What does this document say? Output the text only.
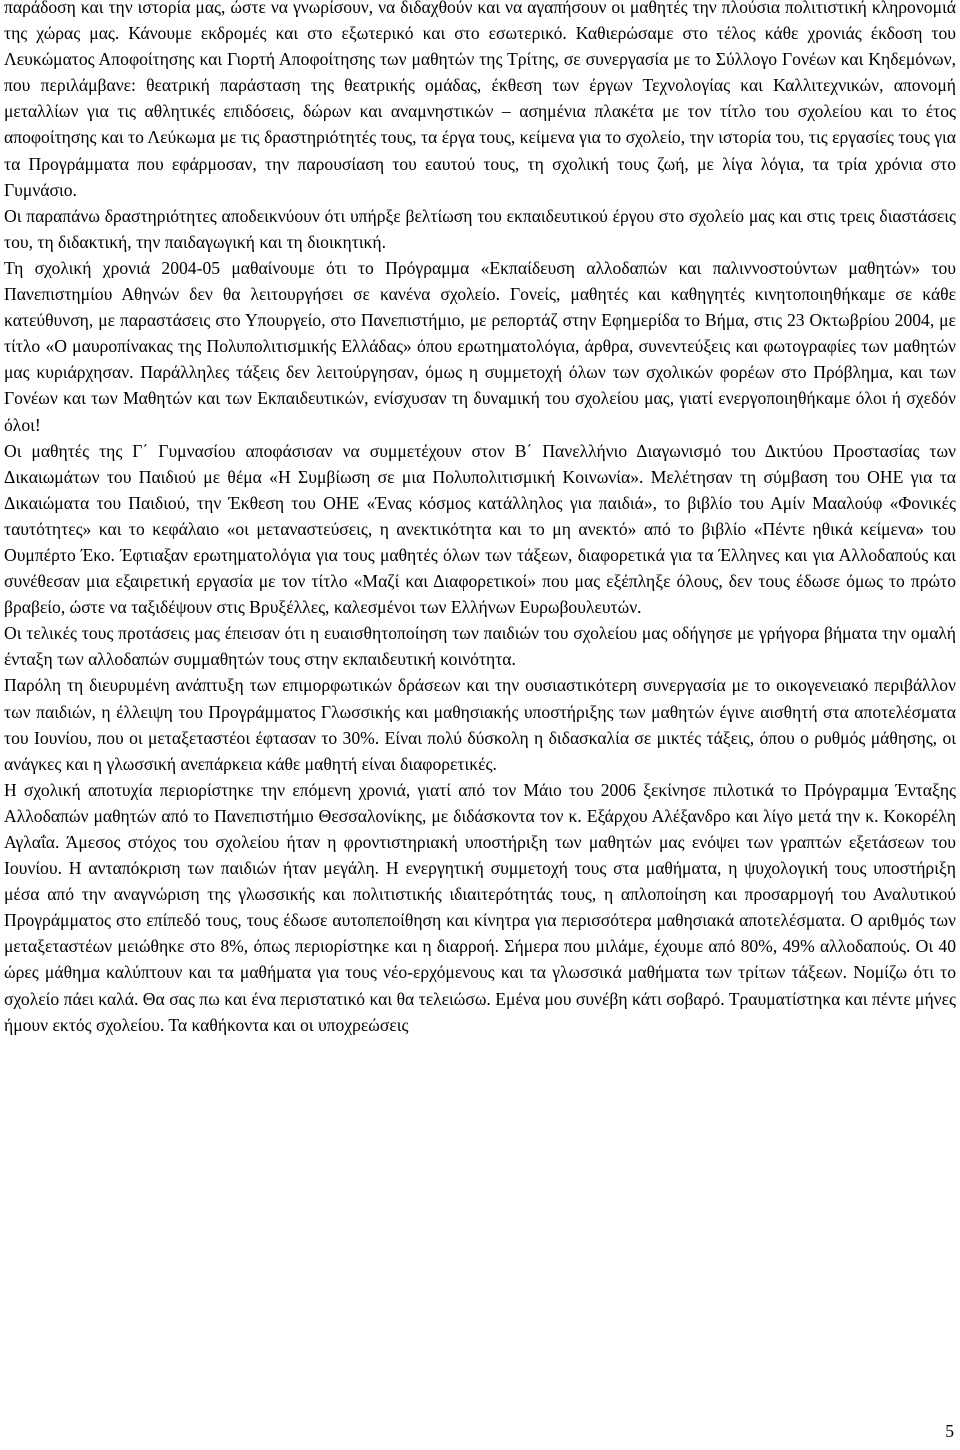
παράδοση και την ιστορία μας, ώστε να γνωρίσουν, να διδαχθούν και να αγαπήσουν οι μαθητές την πλούσια πολιτιστική κληρονομιά της χώρας μας. Κάνουμε εκδρομές και στο εξωτερικό και στο εσωτερικό. Καθιερώσαμε στο τέλος κάθε χρονιάς έκδοση του Λευκώματος Αποφοίτησης και Γιορτή Αποφοίτησης των μαθητών της Τρίτης, σε συνεργασία με το Σύλλογο Γονέων και Κηδεμόνων, που περιλάμβανε: θεατρική παράσταση της θεατρικής ομάδας, έκθεση των έργων Τεχνολογίας και Καλλιτεχνικών, απονομή μεταλλίων για τις αθλητικές επιδόσεις, δώρων και αναμνηστικών – ασημένια πλακέτα με τον τίτλο του σχολείου και το έτος αποφοίτησης και το Λεύκωμα με τις δραστηριότητές τους, τα έργα τους, κείμενα για το σχολείο, την ιστορία του, τις εργασίες τους για τα Προγράμματα που εφάρμοσαν, την παρουσίαση του εαυτού τους, τη σχολική τους ζωή, με λίγα λόγια, τα τρία χρόνια στο Γυμνάσιο.

Οι παραπάνω δραστηριότητες αποδεικνύουν ότι υπήρξε βελτίωση του εκπαιδευτικού έργου στο σχολείο μας και στις τρεις διαστάσεις του, τη διδακτική, την παιδαγωγική και τη διοικητική.

Τη σχολική χρονιά 2004-05 μαθαίνουμε ότι το Πρόγραμμα «Εκπαίδευση αλλοδαπών και παλιννοστούντων μαθητών» του Πανεπιστημίου Αθηνών δεν θα λειτουργήσει σε κανένα σχολείο. Γονείς, μαθητές και καθηγητές κινητοποιηθήκαμε σε κάθε κατεύθυνση, με παραστάσεις στο Υπουργείο, στο Πανεπιστήμιο, με ρεπορτάζ στην Εφημερίδα το Βήμα, στις 23 Οκτωβρίου 2004, με τίτλο «Ο μαυροπίνακας της Πολυπολιτισμικής Ελλάδας» όπου ερωτηματολόγια, άρθρα, συνεντεύξεις και φωτογραφίες των μαθητών μας κυριάρχησαν. Παράλληλες τάξεις δεν λειτούργησαν, όμως η συμμετοχή όλων των σχολικών φορέων στο Πρόβλημα, και των Γονέων και των Μαθητών και των Εκπαιδευτικών, ενίσχυσαν τη δυναμική του σχολείου μας, γιατί ενεργοποιηθήκαμε όλοι ή σχεδόν όλοι!

Οι μαθητές της Γ΄ Γυμνασίου αποφάσισαν να συμμετέχουν στον Β΄ Πανελλήνιο Διαγωνισμό του Δικτύου Προστασίας των Δικαιωμάτων του Παιδιού με θέμα «Η Συμβίωση σε μια Πολυπολιτισμική Κοινωνία». Μελέτησαν τη σύμβαση του ΟΗΕ για τα Δικαιώματα του Παιδιού, την Έκθεση του ΟΗΕ «Ένας κόσμος κατάλληλος για παιδιά», το βιβλίο του Αμίν Μααλούφ «Φονικές ταυτότητες» και το κεφάλαιο «οι μεταναστεύσεις, η ανεκτικότητα και το μη ανεκτό» από το βιβλίο «Πέντε ηθικά κείμενα» του Ουμπέρτο Έκο. Έφτιαξαν ερωτηματολόγια για τους μαθητές όλων των τάξεων, διαφορετικά για τα Έλληνες και για Αλλοδαπούς και συνέθεσαν μια εξαιρετική εργασία με τον τίτλο «Μαζί και Διαφορετικοί» που μας εξέπληξε όλους, δεν τους έδωσε όμως το πρώτο βραβείο, ώστε να ταξιδέψουν στις Βρυξέλλες, καλεσμένοι των Ελλήνων Ευρωβουλευτών.

Οι τελικές τους προτάσεις μας έπεισαν ότι η ευαισθητοποίηση των παιδιών του σχολείου μας οδήγησε με γρήγορα βήματα την ομαλή ένταξη των αλλοδαπών συμμαθητών τους στην εκπαιδευτική κοινότητα.

Παρόλη τη διευρυμένη ανάπτυξη των επιμορφωτικών δράσεων και την ουσιαστικότερη συνεργασία με το οικογενειακό περιβάλλον των παιδιών, η έλλειψη του Προγράμματος Γλωσσικής και μαθησιακής υποστήριξης των μαθητών έγινε αισθητή στα αποτελέσματα του Ιουνίου, που οι μεταξεταστέοι έφτασαν το 30%. Είναι πολύ δύσκολη η διδασκαλία σε μικτές τάξεις, όπου ο ρυθμός μάθησης, οι ανάγκες και η γλωσσική ανεπάρκεια κάθε μαθητή είναι διαφορετικές.

Η σχολική αποτυχία περιορίστηκε την επόμενη χρονιά, γιατί από τον Μάιο του 2006 ξεκίνησε πιλοτικά το Πρόγραμμα Ένταξης Αλλοδαπών μαθητών από το Πανεπιστήμιο Θεσσαλονίκης, με διδάσκοντα τον κ. Εξάρχου Αλέξανδρο και λίγο μετά την κ. Κοκορέλη Αγλαΐα. Άμεσος στόχος του σχολείου ήταν η φροντιστηριακή υποστήριξη των μαθητών μας ενόψει των γραπτών εξετάσεων του Ιουνίου. Η ανταπόκριση των παιδιών ήταν μεγάλη. Η ενεργητική συμμετοχή τους στα μαθήματα, η ψυχολογική τους υποστήριξη μέσα από την αναγνώριση της γλωσσικής και πολιτιστικής ιδιαιτερότητάς τους, η απλοποίηση και προσαρμογή του Αναλυτικού Προγράμματος στο επίπεδό τους, τους έδωσε αυτοπεποίθηση και κίνητρα για περισσότερα μαθησιακά αποτελέσματα. Ο αριθμός των μεταξεταστέων μειώθηκε στο 8%, όπως περιορίστηκε και η διαρροή. Σήμερα που μιλάμε, έχουμε από 80%, 49% αλλοδαπούς. Οι 40 ώρες μάθημα καλύπτουν και τα μαθήματα για τους νέο-ερχόμενους και τα γλωσσικά μαθήματα των τρίτων τάξεων. Νομίζω ότι το σχολείο πάει καλά. Θα σας πω και ένα περιστατικό και θα τελειώσω. Εμένα μου συνέβη κάτι σοβαρό. Τραυματίστηκα και πέντε μήνες ήμουν εκτός σχολείου. Τα καθήκοντα και οι υποχρεώσεις

5
